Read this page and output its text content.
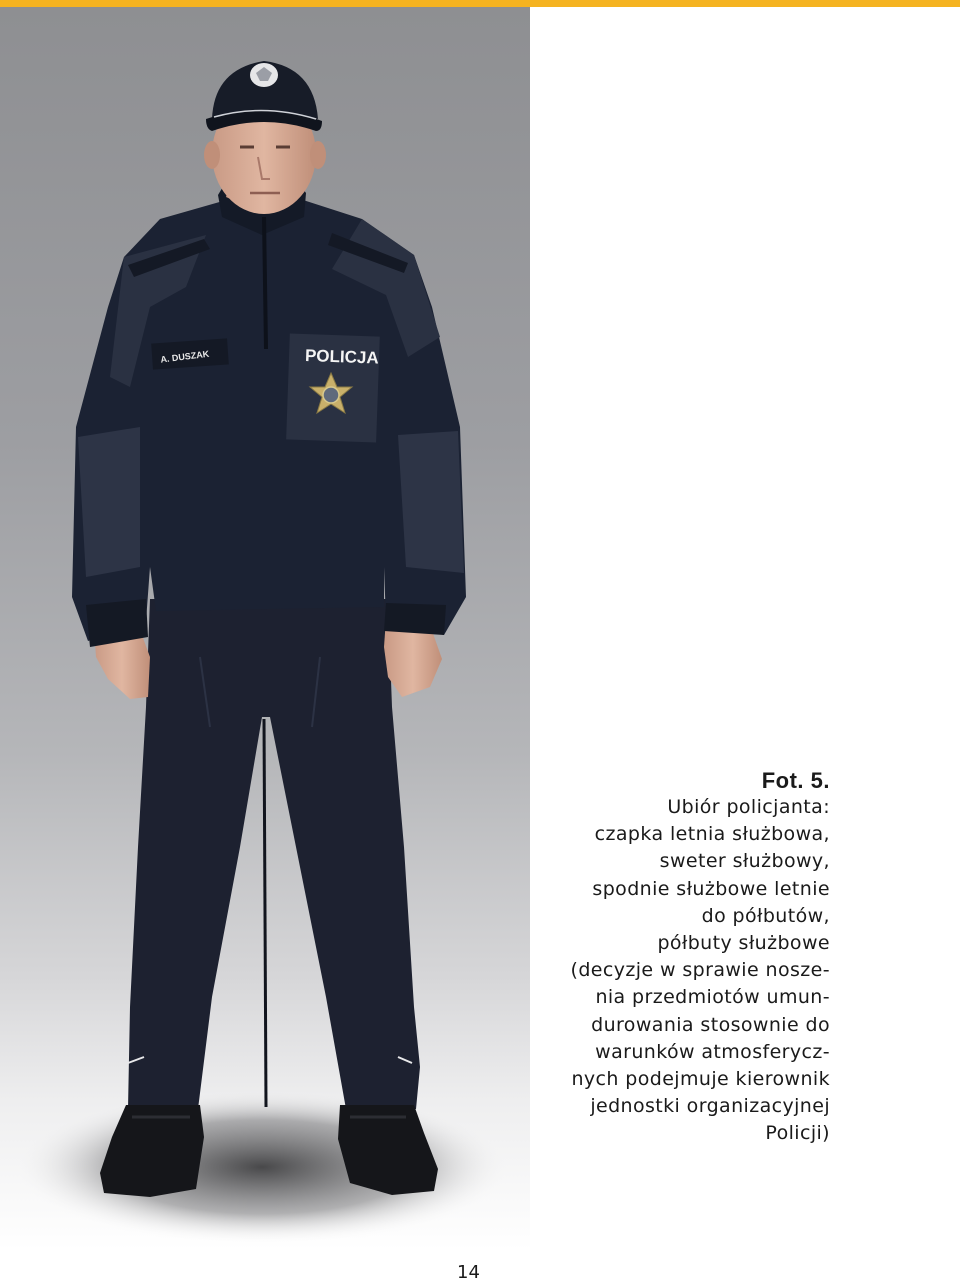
A. DUSZAK	POLICJA
Fot. 5.
Ubiór policjanta:
czapka letnia służbowa,
sweter służbowy,
spodnie służbowe letnie
do półbutów,
półbuty służbowe
(decyzje w sprawie nosze-
nia przedmiotów umun-
durowania stosownie do
warunków atmosferycz-
nych podejmuje kierownik
jednostki organizacyjnej
Policji)
14
